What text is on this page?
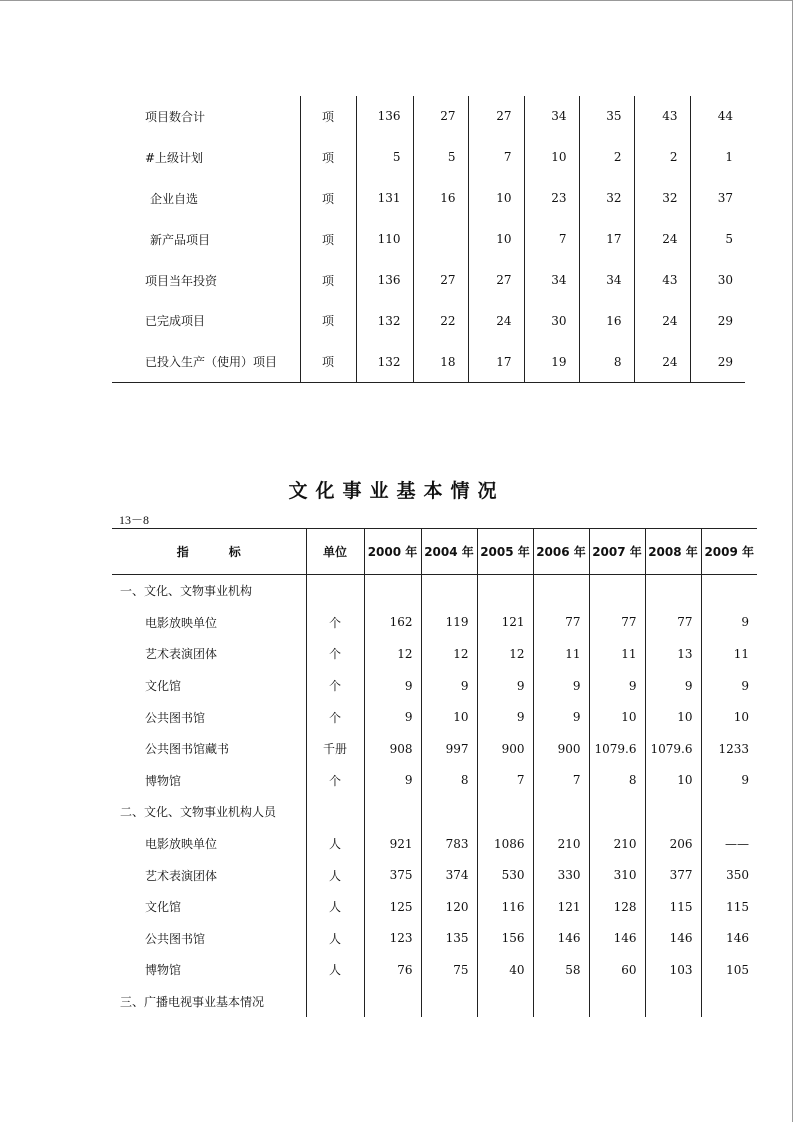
项目数合计	项	136	27	27	34	35	43	44
#上级计划	项	5	5	7	10	2	2	1
企业自选	项	131	16	10	23	32	32	37
新产品项目	项	110		10	7	17	24	5
项目当年投资	项	136	27	27	34	34	43	30
已完成项目	项	132	22	24	30	16	24	29
已投入生产（使用）项目	项	132	18	17	19	8	24	29
文化事业基本情况
13－8
指 标	单位	2000 年	2004 年	2005 年	2006 年	2007 年	2008 年	2009 年
一、文化、文物事业机构								
电影放映单位	个	162	119	121	77	77	77	9
艺术表演团体	个	12	12	12	11	11	13	11
文化馆	个	9	9	9	9	9	9	9
公共图书馆	个	9	10	9	9	10	10	10
公共图书馆藏书	千册	908	997	900	900	1079.6	1079.6	1233
博物馆	个	9	8	7	7	8	10	9
二、文化、文物事业机构人员								
电影放映单位	人	921	783	1086	210	210	206	——
艺术表演团体	人	375	374	530	330	310	377	350
文化馆	人	125	120	116	121	128	115	115
公共图书馆	人	123	135	156	146	146	146	146
博物馆	人	76	75	40	58	60	103	105
三、广播电视事业基本情况								
